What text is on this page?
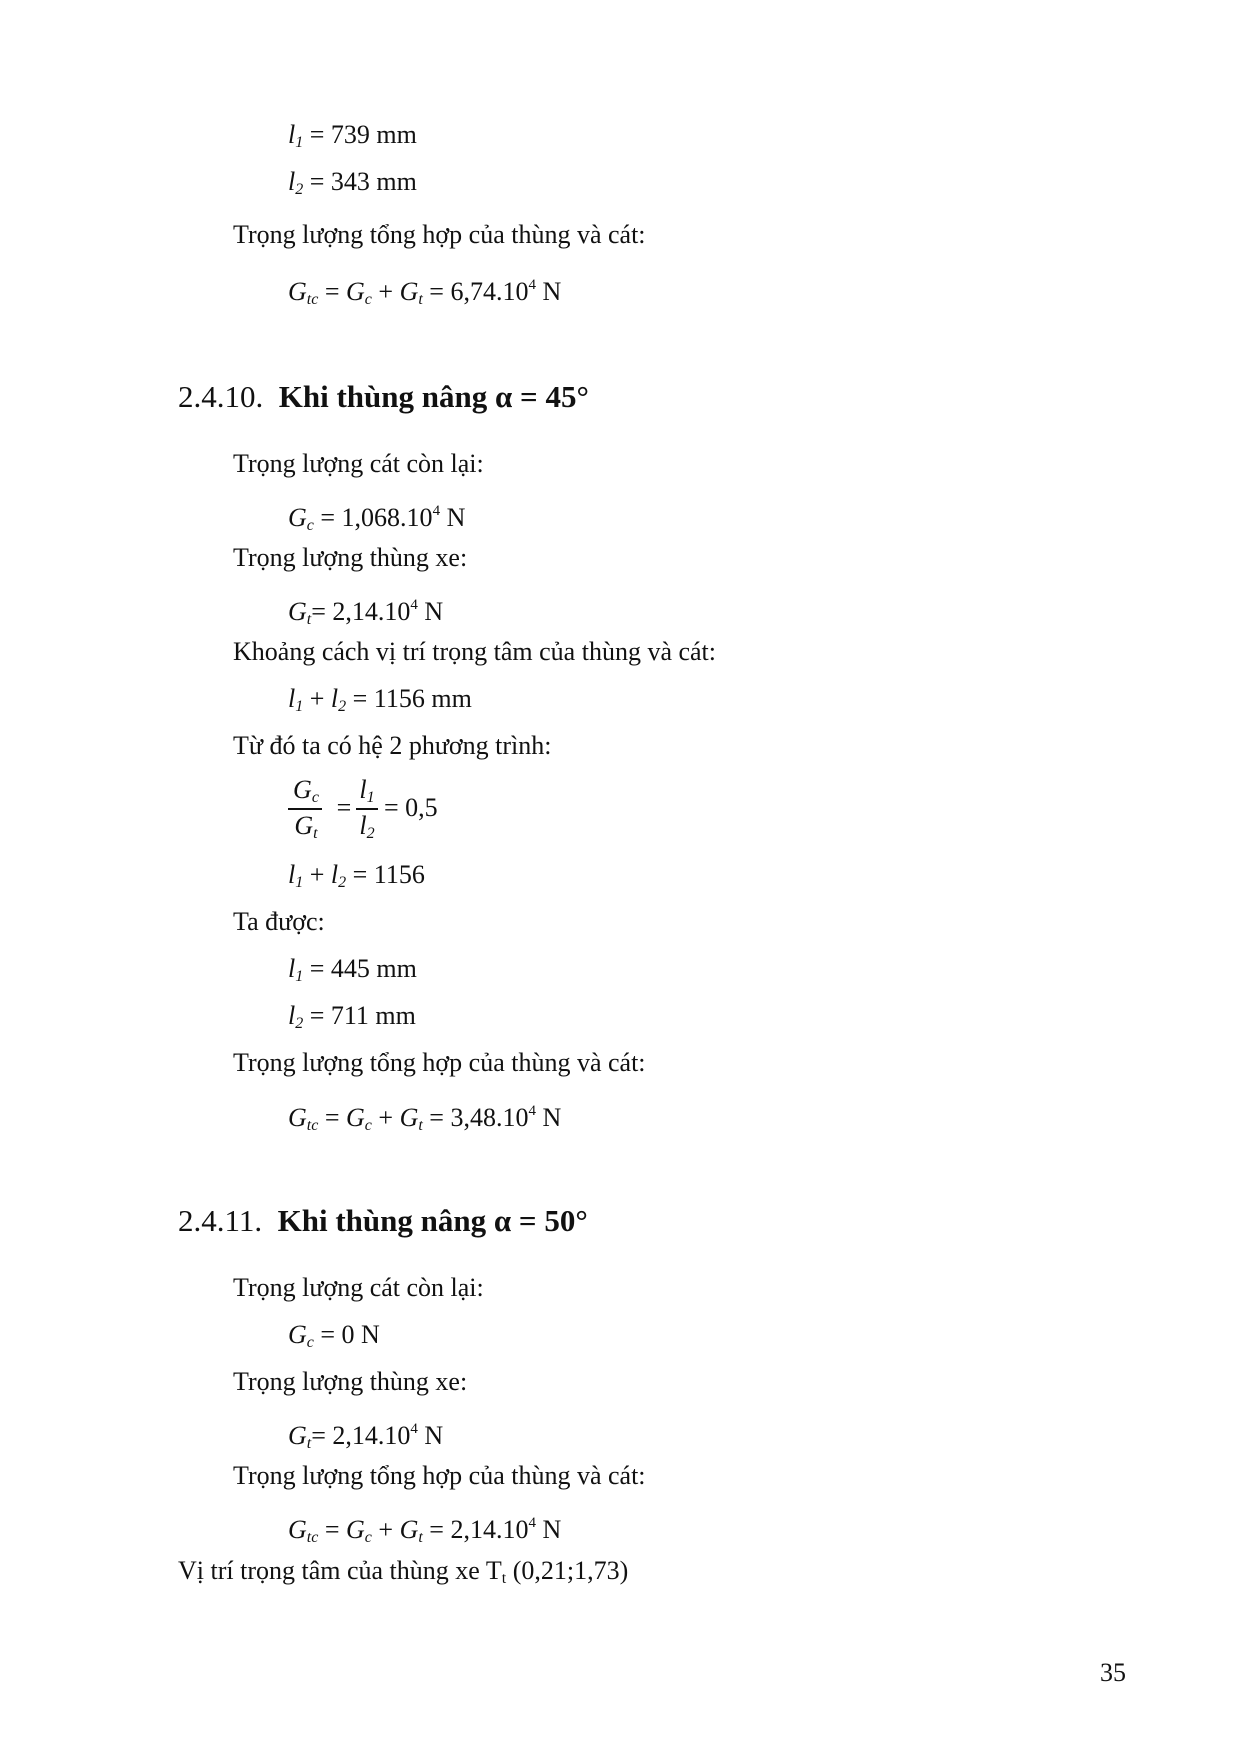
$l_1 = 739$ mm
$l_2 = 343$ mm
Trọng lượng tổng hợp của thùng và cát:
$G_{tc} = G_c + G_t = 6,74.10^4$ N
2.4.10. Khi thùng nâng α = 45°
Trọng lượng cát còn lại:
$G_c = 1,068.10^4$ N
Trọng lượng thùng xe:
$G_t= 2,14.10^4$ N
Khoảng cách vị trí trọng tâm của thùng và cát:
$l_1 + l_2 = 1156$ mm
Từ đó ta có hệ 2 phương trình:
$G_c$
$G_t$
=
$l_1$
$l_2$
= 0,5
$l_1 + l_2 = 1156$
Ta được:
$l_1 = 445$ mm
$l_2 = 711$ mm
Trọng lượng tổng hợp của thùng và cát:
$G_{tc} = G_c + G_t = 3,48.10^4$ N
2.4.11. Khi thùng nâng α = 50°
Trọng lượng cát còn lại:
$G_c = 0$ N
Trọng lượng thùng xe:
$G_t= 2,14.10^4$ N
Trọng lượng tổng hợp của thùng và cát:
$G_{tc} = G_c + G_t = 2,14.10^4$ N
Vị trí trọng tâm của thùng xe $T_t$ (0,21;1,73)
35
